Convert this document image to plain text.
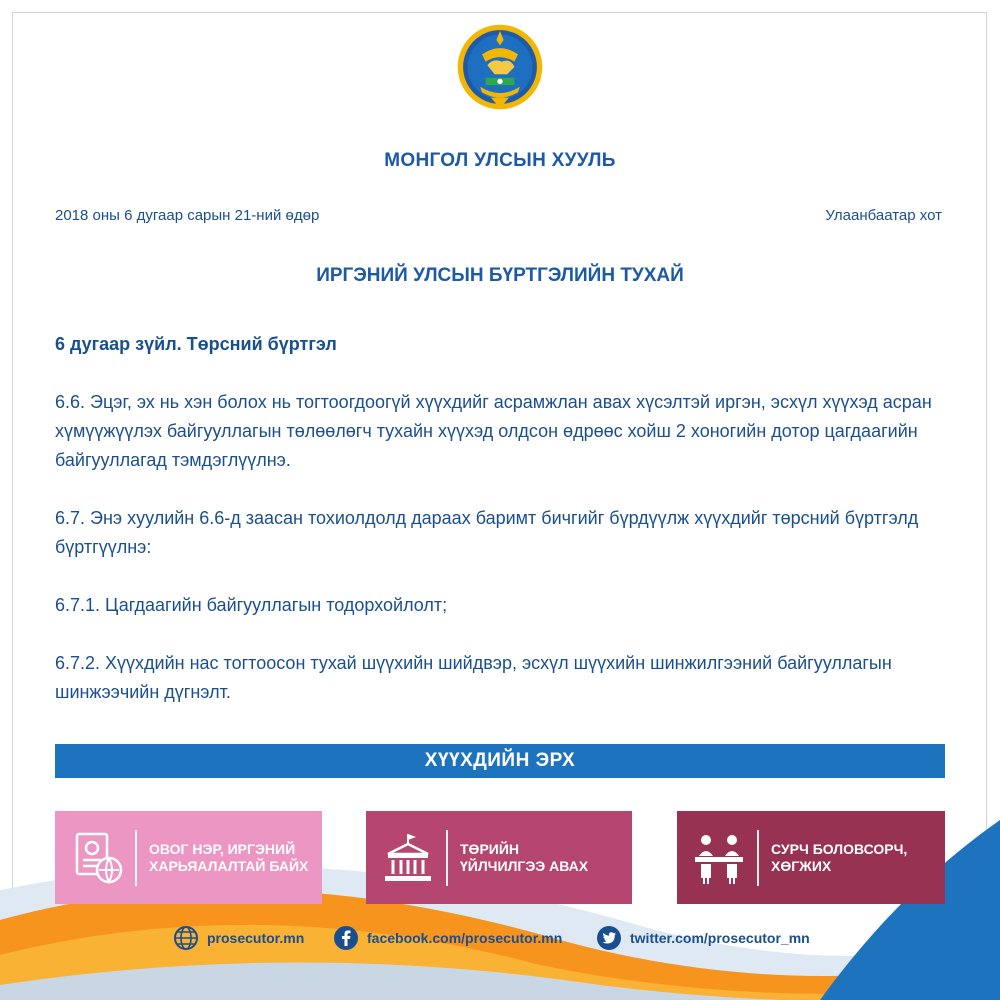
МОНГОЛ УЛСЫН ХУУЛЬ
2018 оны 6 дугаар сарын 21-ний өдөр	Улаанбаатар хот
ИРГЭНИЙ УЛСЫН БҮРТГЭЛИЙН ТУХАЙ

6 дугаар зүйл. Төрсний бүртгэл

6.6. Эцэг, эх нь хэн болох нь тогтоогдоогүй хүүхдийг асрамжлан авах хүсэлтэй иргэн, эсхүл хүүхэд асран хүмүүжүүлэх байгууллагын төлөөлөгч тухайн хүүхэд олдсон өдрөөс хойш 2 хоногийн дотор цагдаагийн байгууллагад тэмдэглүүлнэ.

6.7. Энэ хуулийн 6.6-д заасан тохиолдолд дараах баримт бичгийг бүрдүүлж хүүхдийг төрсний бүртгэлд бүртгүүлнэ:

6.7.1. Цагдаагийн байгууллагын тодорхойлолт;

6.7.2. Хүүхдийн нас тогтоосон тухай шүүхийн шийдвэр, эсхүл шүүхийн шинжилгээний байгууллагын шинжээчийн дүгнэлт.

ХҮҮХДИЙН ЭРХ
ОВОГ НЭР, ИРГЭНИЙ
ХАРЬЯАЛАЛТАЙ БАЙХ
ТӨРИЙН
ҮЙЛЧИЛГЭЭ АВАХ
СУРЧ БОЛОВСОРЧ,
ХӨГЖИХ
prosecutor.mn	facebook.com/prosecutor.mn	twitter.com/prosecutor_mn
